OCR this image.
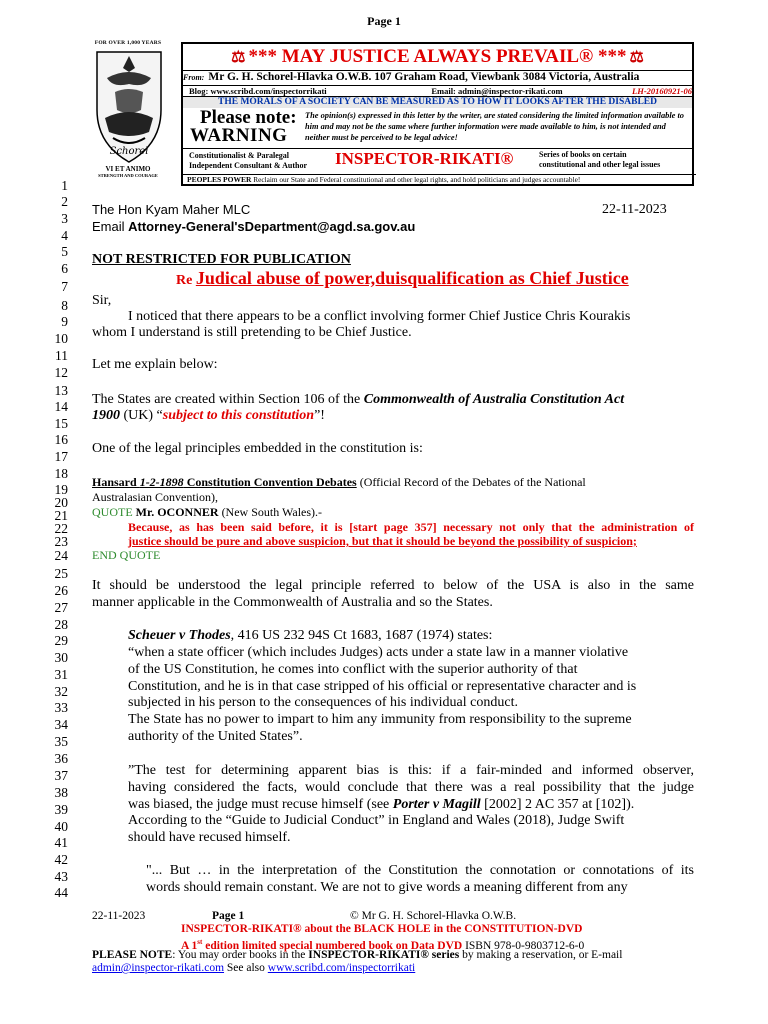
Page 1
FOR OVER 1,000 YEARS
Schorel
VI ET ANIMO
STRENGTH AND COURAGE
⚖ *** MAY JUSTICE ALWAYS PREVAIL® *** ⚖
From: Mr G. H. Schorel-Hlavka O.W.B. 107 Graham Road, Viewbank 3084 Victoria, Australia
Blog: www.scribd.com/inspectorrikati	Email: admin@inspector-rikati.com	LH-20160921-06
THE MORALS OF A SOCIETY CAN BE MEASURED AS TO HOW IT LOOKS AFTER THE DISABLED
Please note:
WARNING
The opinion(s) expressed in this letter by the writer, are stated considering the limited information available to him and may not be the same where further information were made available to him, is not intended and neither must be perceived to be legal advice!
Constitutionalist & Paralegal
Independent Consultant & Author INSPECTOR-RIKATI®	Series of books on certain
constitutional and other legal issues
PEOPLES POWER Reclaim our State and Federal constitutional and other legal rights, and hold politicians and judges accountable!
1
2
3
4
5
6
7
8
9
10
11
12
13
14
15
16
17
18
19
20
21
22
23
24
25
26
27
28
29
30
31
32
33
34
35
36
37
38
39
40
41
42
43
44
The Hon Kyam Maher MLC	22-11-2023
Email Attorney-General'sDepartment@agd.sa.gov.au
NOT RESTRICTED FOR PUBLICATION
Re Judical abuse of power,duisqualification as Chief Justice
Sir,
I noticed that there appears to be a conflict involving former Chief Justice Chris Kourakis
whom I understand is still pretending to be Chief Justice.
Let me explain below:
The States are created within Section 106 of the Commonwealth of Australia Constitution Act
1900 (UK) “subject to this constitution”!
One of the legal principles embedded in the constitution is:
Hansard 1-2-1898 Constitution Convention Debates (Official Record of the Debates of the National
Australasian Convention),
QUOTE Mr. OCONNER (New South Wales).-
Because, as has been said before, it is [start page 357] necessary not only that the administration of
justice should be pure and above suspicion, but that it should be beyond the possibility of suspicion;
END QUOTE
It should be understood the legal principle referred to below of the USA is also in the same
manner applicable in the Commonwealth of Australia and so the States.
Scheuer v Thodes, 416 US 232 94S Ct 1683, 1687 (1974) states:
“when a state officer (which includes Judges) acts under a state law in a manner violative
of the US Constitution, he comes into conflict with the superior authority of that
Constitution, and he is in that case stripped of his official or representative character and is
subjected in his person to the consequences of his individual conduct.
The State has no power to impart to him any immunity from responsibility to the supreme
authority of the United States”.
”The test for determining apparent bias is this: if a fair-minded and informed observer,
having considered the facts, would conclude that there was a real possibility that the judge
was biased, the judge must recuse himself (see Porter v Magill [2002] 2 AC 357 at [102]).
According to the “Guide to Judicial Conduct” in England and Wales (2018), Judge Swift
should have recused himself.
"... But … in the interpretation of the Constitution the connotation or connotations of its
words should remain constant. We are not to give words a meaning different from any
22-11-2023	Page 1	© Mr G. H. Schorel-Hlavka O.W.B.
INSPECTOR-RIKATI® about the BLACK HOLE in the CONSTITUTION-DVD
A 1st edition limited special numbered book on Data DVD ISBN 978-0-9803712-6-0
PLEASE NOTE: You may order books in the INSPECTOR-RIKATI® series by making a reservation, or E-mail
admin@inspector-rikati.com See also www.scribd.com/inspectorrikati
